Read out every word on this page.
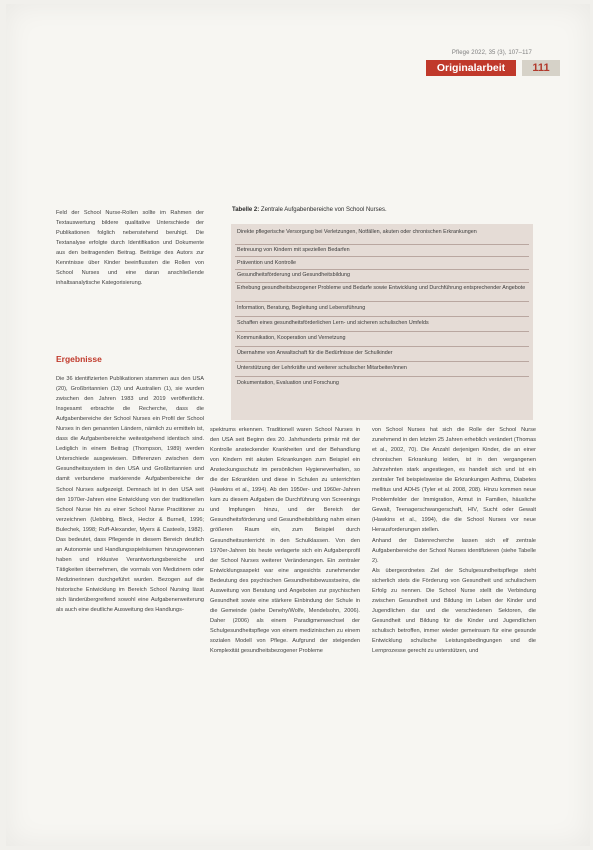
Pflege 2022, 35 (3), 107–117
Originalarbeit	111

Feld der School Nurse-Rollen sollte im Rahmen der Textauswertung bildere qualitative Unterschiede der Publikationen folglich nebenstehend beruhigt. Die Textanalyse erfolgte durch Identifikation und Dokumente aus den beitragenden Beitrag. Beiträge des Autors zur Kenntnisse über Kinder beeinflussten die Rollen von School Nurses und eine daran anschließende inhaltsanalytische Kategorisierung.

Ergebnisse

Die 36 identifizierten Publikationen stammen aus den USA (20), Großbritannien (13) und Australien (1), sie wurden zwischen den Jahren 1983 und 2019 veröffentlicht. Insgesamt erbrachte die Recherche, dass die Aufgabenbereiche der School Nurses ein Profil der School Nurses in den genannten Ländern, nämlich zu ermitteln ist, dass die Aufgabenbereiche weitestgehend identisch sind. Lediglich in einem Beitrag (Thompson, 1989) werden Unterschiede ausgewiesen. Differenzen zwischen dem Gesundheitssystem in den USA und Großbritannien und damit verbundene markierende Aufgabenbereiche der School Nurses aufgezeigt. Demnach ist in den USA seit den 1970er-Jahren eine Entwicklung von der traditionellen School Nurse hin zu einer School Nurse Practitioner zu verzeichnen (Uebbing, Bleck, Hector & Burnell, 1996; Bulechek, 1998; Ruff-Alexander, Myers & Casteels, 1982). Das bedeutet, dass Pflegende in diesem Bereich deutlich an Autonomie und Handlungsspielräumen hinzugewonnen haben und inklusive Verantwortungsbereiche und Tätigkeiten übernehmen, die vormals von Medizinern oder Medizinerinnen durchgeführt wurden. Bezogen auf die historische Entwicklung im Bereich School Nursing lässt sich länderübergreifend sowohl eine Aufgabenerweiterung als auch eine deutliche Ausweitung des Handlungs-

Tabelle 2: Zentrale Aufgabenbereiche von School Nurses.
Direkte pflegerische Versorgung bei Verletzungen, Notfällen, akuten oder chronischen Erkrankungen
Betreuung von Kindern mit speziellen Bedarfen
Prävention und Kontrolle
Gesundheitsförderung und Gesundheitsbildung
Erhebung gesundheitsbezogener Probleme und Bedarfe sowie Entwicklung und Durchführung entsprechender Angebote
Information, Beratung, Begleitung und Lebensführung
Schaffen eines gesundheitsförderlichen Lern- und sicheren schulischen Umfelds
Kommunikation, Kooperation und Vernetzung
Übernahme von Anwaltschaft für die Bedürfnisse der Schulkinder
Unterstützung der Lehrkräfte und weiterer schulischer Mitarbeiter/innen
Dokumentation, Evaluation und Forschung

spektrums erkennen. Traditionell waren School Nurses in den USA seit Beginn des 20. Jahrhunderts primär mit der Kontrolle ansteckender Krankheiten und der Behandlung von Kindern mit akuten Erkrankungen zum Beispiel ein Ansteckungsschutz im persönlichen Hygieneverhalten, so die der Erkrankten und diese in Schulen zu unterrichten (Hawkins et al., 1994). Ab den 1950er- und 1960er-Jahren kam zu diesem Aufgaben die Durchführung von Screenings und Impfungen hinzu, und der Bereich der Gesundheitsförderung und Gesundheitsbildung nahm einen größeren Raum ein, zum Beispiel durch Gesundheitsunterricht in den Schulklassen. Von den 1970er-Jahren bis heute verlagerte sich ein Aufgabenprofil der School Nurses weiterer Veränderungen. Ein zentraler Entwicklungsaspekt war eine angesichts zunehmender Bedeutung des psychischen Gesundheitsbewusstseins, die Ausweitung von Beratung und Angeboten zur psychischen Gesundheit sowie eine stärkere Einbindung der Schule in die Gemeinde (siehe Denehy/Wolfe, Mendelsohn, 2006). Daher (2006) als einem Paradigmenwechsel der Schulgesundheitspflege von einem medizinischen zu einem sozialen Modell von Pflege. Aufgrund der steigenden Komplexität gesundheitsbezogener Probleme

von School Nurses hat sich die Rolle der School Nurse zunehmend in den letzten 25 Jahren erheblich verändert (Thomas et al., 2002, 70). Die Anzahl derjenigen Kinder, die an einer chronischen Erkrankung leiden, ist in den vergangenen Jahrzehnten stark angestiegen, es handelt sich und ist ein zentraler Teil beispielsweise die Erkrankungen Asthma, Diabetes mellitus und ADHS (Tyler et al. 2008, 208). Hinzu kommen neue Problemfelder der Immigration, Armut in Familien, häusliche Gewalt, Teenagerschwangerschaft, HIV, Sucht oder Gewalt (Hawkins et al., 1994), die die School Nurses vor neue Herausforderungen stellen.

Anhand der Datenrecherche lassen sich elf zentrale Aufgabenbereiche der School Nurses identifizieren (siehe Tabelle 2).

Als übergeordnetes Ziel der Schulgesundheitspflege steht sicherlich stets die Förderung von Gesundheit und schulischem Erfolg zu nennen. Die School Nurse stellt die Verbindung zwischen Gesundheit und Bildung im Leben der Kinder und Jugendlichen dar und die verschiedenen Sektoren, die Gesundheit und Bildung für die Kinder und Jugendlichen schulisch betroffen, immer wieder gemeinsam für eine gesunde Entwicklung schulische Leistungsbedingungen und die Lernprozesse gerecht zu unterstützen, und
